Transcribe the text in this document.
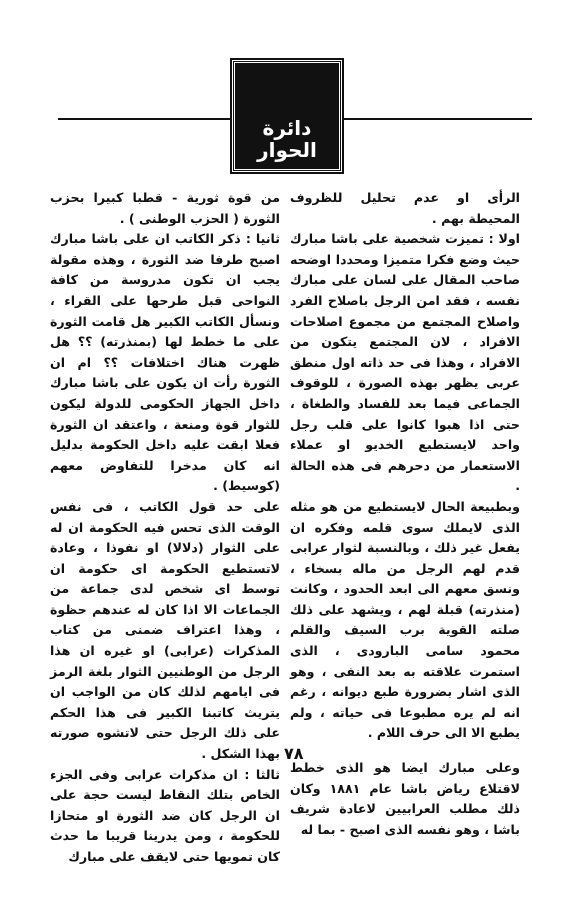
دائرة
الحوار

الرأى او عدم تحليل للظروف المحيطة بهم .

اولا : تميزت شخصية على باشا مبارك حيث وضع فكرا متميزا ومحددا اوضحه صاحب المقال على لسان على مبارك نفسه ، فقد امن الرجل باصلاح الفرد واصلاح المجتمع من مجموع اصلاحات الافراد ، لان المجتمع يتكون من الافراد ، وهذا فى حد ذاته اول منطق عربى يظهر بهذه الصورة ، للوقوف الجماعى فيما بعد للفساد والطغاة ، حتى اذا هبوا كانوا على قلب رجل واحد لايستطيع الخديو او عملاء الاستعمار من دحرهم فى هذه الحالة .

وبطبيعة الحال لايستطيع من هو مثله الذى لايملك سوى قلمه وفكره ان يفعل غير ذلك ، وبالنسبة لثوار عرابى قدم لهم الرجل من ماله بسخاء ، ونسق معهم الى ابعد الحدود ، وكانت (منذرته) قبلة لهم ، ويشهد على ذلك صلته القوية برب السيف والقلم محمود سامى البارودى ، الذى استمرت علاقته به بعد النفى ، وهو الذى اشار بضرورة طبع ديوانه ، رغم انه لم يره مطبوعا فى حياته ، ولم يطبع الا الى حرف اللام .

وعلى مبارك ايضا هو الذى خطط لاقتلاع رياض باشا عام ١٨٨١ وكان ذلك مطلب العرابيين لاعادة شريف باشا ، وهو نفسه الذى اصبح - بما له

من قوة ثورية - قطبا كبيرا بحزب الثورة ( الحزب الوطنى ) .

ثانيا : ذكر الكاتب ان على باشا مبارك اصبح طرفا ضد الثورة ، وهذه مقولة يجب ان تكون مدروسة من كافة النواحى قبل طرحها على القراء ، ونسأل الكاتب الكبير هل قامت الثورة على ما خطط لها (بمنذرته) ؟؟ هل ظهرت هناك اختلافات ؟؟ ام ان الثورة رأت ان يكون على باشا مبارك داخل الجهاز الحكومى للدولة ليكون للثوار قوة ومنعة ، واعتقد ان الثورة فعلا ابقت عليه داخل الحكومة بدليل انه كان مدخرا للتفاوض معهم (كوسيط) .

على حد قول الكاتب ، فى نفس الوقت الذى تحس فيه الحكومة ان له على الثوار (دلالا) او نفوذا ، وعادة لاتستطيع الحكومة اى حكومة ان توسط اى شخص لدى جماعة من الجماعات الا اذا كان له عندهم حظوة ، وهذا اعتراف ضمنى من كتاب المذكرات (عرابى) او غيره ان هذا الرجل من الوطنيين الثوار بلغة الرمز فى ايامهم لذلك كان من الواجب ان يتريث كاتبنا الكبير فى هذا الحكم على ذلك الرجل حتى لاتشوه صورته بهذا الشكل .

ثالثا : ان مذكرات عرابى وفى الجزء الخاص بتلك النقاط ليست حجة على ان الرجل كان ضد الثورة او متحازا للحكومة ، ومن يدرينا قريبا ما حدث كان تمويها حتى لايقف على مبارك

٧٨
